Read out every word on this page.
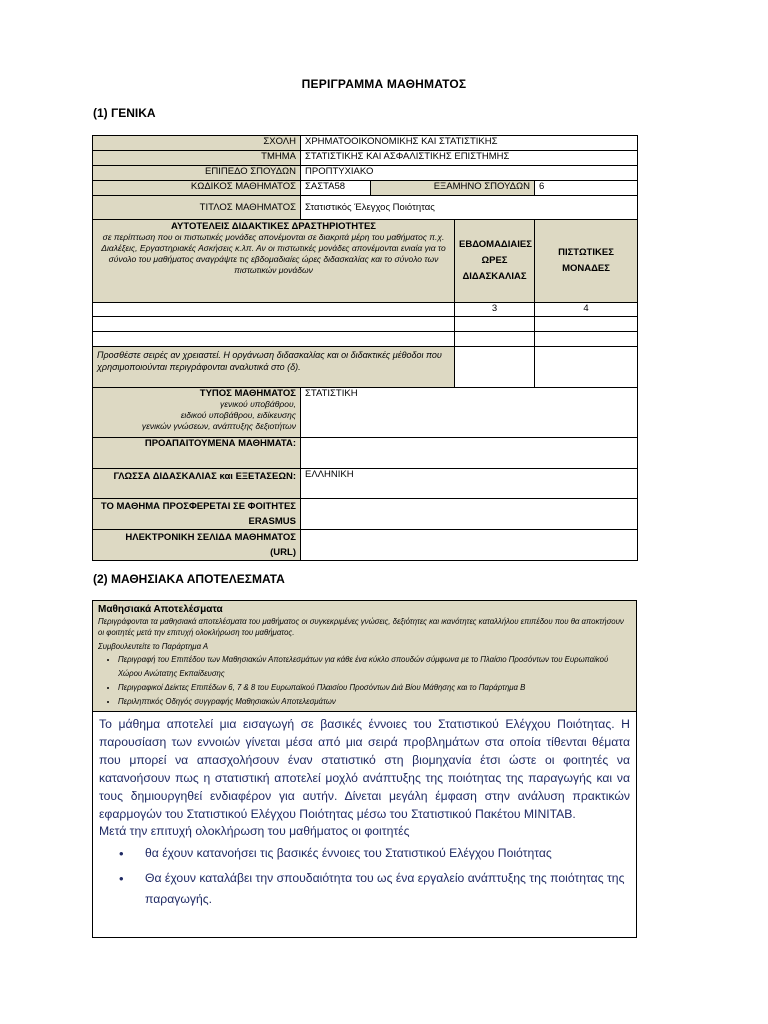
ΠΕΡΙΓΡΑΜΜΑ ΜΑΘΗΜΑΤΟΣ
(1) ΓΕΝΙΚΑ
ΣΧΟΛΗ	ΧΡΗΜΑΤΟΟΙΚΟΝΟΜΙΚΗΣ ΚΑΙ ΣΤΑΤΙΣΤΙΚΗΣ			
ΤΜΗΜΑ	ΣΤΑΤΙΣΤΙΚΗΣ ΚΑΙ ΑΣΦΑΛΙΣΤΙΚΗΣ ΕΠΙΣΤΗΜΗΣ			
ΕΠΙΠΕΔΟ ΣΠΟΥΔΩΝ	ΠΡΟΠΤΥΧΙΑΚΟ			
ΚΩΔΙΚΟΣ ΜΑΘΗΜΑΤΟΣ	ΣΑΣΤΑ58	ΕΞΑΜΗΝΟ ΣΠΟΥΔΩΝ		6
ΤΙΤΛΟΣ ΜΑΘΗΜΑΤΟΣ	Στατιστικός Έλεγχος Ποιότητας			

ΑΥΤΟΤΕΛΕΙΣ ΔΙΔΑΚΤΙΚΕΣ ΔΡΑΣΤΗΡΙΟΤΗΤΕΣ
σε περίπτωση που οι πιστωτικές μονάδες απονέμονται σε διακριτά μέρη του μαθήματος π.χ. Διαλέξεις, Εργαστηριακές Ασκήσεις κ.λπ. Αν οι πιστωτικές μονάδες απονέμονται ενιαία για το σύνολο του μαθήματος αναγράψτε τις εβδομαδιαίες ώρες διδασκαλίας και το σύνολο των πιστωτικών μονάδων			ΕΒΔΟΜΑΔΙΑΙΕΣ ΩΡΕΣ ΔΙΔΑΣΚΑΛΙΑΣ	ΠΙΣΤΩΤΙΚΕΣ ΜΟΝΑΔΕΣ
			3	4

Προσθέστε σειρές αν χρειαστεί. Η οργάνωση διδασκαλίας και οι διδακτικές μέθοδοι που χρησιμοποιούνται περιγράφονται αναλυτικά στο (δ).				

ΤΥΠΟΣ ΜΑΘΗΜΑΤΟΣ
γενικού υποβάθρου,
ειδικού υποβάθρου, ειδίκευσης
γενικών γνώσεων, ανάπτυξης δεξιοτήτων	ΣΤΑΤΙΣΤΙΚΗ			
ΠΡΟΑΠΑΙΤΟΥΜΕΝΑ ΜΑΘΗΜΑΤΑ:				
ΓΛΩΣΣΑ ΔΙΔΑΣΚΑΛΙΑΣ και ΕΞΕΤΑΣΕΩΝ:	ΕΛΛΗΝΙΚΗ			
ΤΟ ΜΑΘΗΜΑ ΠΡΟΣΦΕΡΕΤΑΙ ΣΕ ΦΟΙΤΗΤΕΣ ERASMUS				
ΗΛΕΚΤΡΟΝΙΚΗ ΣΕΛΙΔΑ ΜΑΘΗΜΑΤΟΣ (URL)				
(2) ΜΑΘΗΣΙΑΚΑ ΑΠΟΤΕΛΕΣΜΑΤΑ
Μαθησιακά Αποτελέσματα
Περιγράφονται τα μαθησιακά αποτελέσματα του μαθήματος οι συγκεκριμένες γνώσεις, δεξιότητες και ικανότητες καταλλήλου επιπέδου που θα αποκτήσουν οι φοιτητές μετά την επιτυχή ολοκλήρωση του μαθήματος.
Συμβουλευτείτε το Παράρτημα Α
• Περιγραφή του Επιπέδου των Μαθησιακών Αποτελεσμάτων για κάθε ένα κύκλο σπουδών σύμφωνα με το Πλαίσιο Προσόντων του Ευρωπαϊκού Χώρου Ανώτατης Εκπαίδευσης
• Περιγραφικοί Δείκτες Επιπέδων 6, 7 & 8 του Ευρωπαϊκού Πλαισίου Προσόντων Διά Βίου Μάθησης και το Παράρτημα Β
• Περιληπτικός Οδηγός συγγραφής Μαθησιακών Αποτελεσμάτων

Το μάθημα αποτελεί μια εισαγωγή σε βασικές έννοιες του Στατιστικού Ελέγχου Ποιότητας. Η παρουσίαση των εννοιών γίνεται μέσα από μια σειρά προβλημάτων στα οποία τίθενται θέματα που μπορεί να απασχολήσουν έναν στατιστικό στη βιομηχανία έτσι ώστε οι φοιτητές να κατανοήσουν πως η στατιστική αποτελεί μοχλό ανάπτυξης της ποιότητας της παραγωγής και να τους δημιουργηθεί ενδιαφέρον για αυτήν. Δίνεται μεγάλη έμφαση στην ανάλυση πρακτικών εφαρμογών του Στατιστικού Ελέγχου Ποιότητας μέσω του Στατιστικού Πακέτου MINITAB.

Μετά την επιτυχή ολοκλήρωση του μαθήματος οι φοιτητές

• θα έχουν κατανοήσει τις βασικές έννοιες του Στατιστικού Ελέγχου Ποιότητας
• Θα έχουν καταλάβει την σπουδαιότητα του ως ένα εργαλείο ανάπτυξης της ποιότητας της παραγωγής.
